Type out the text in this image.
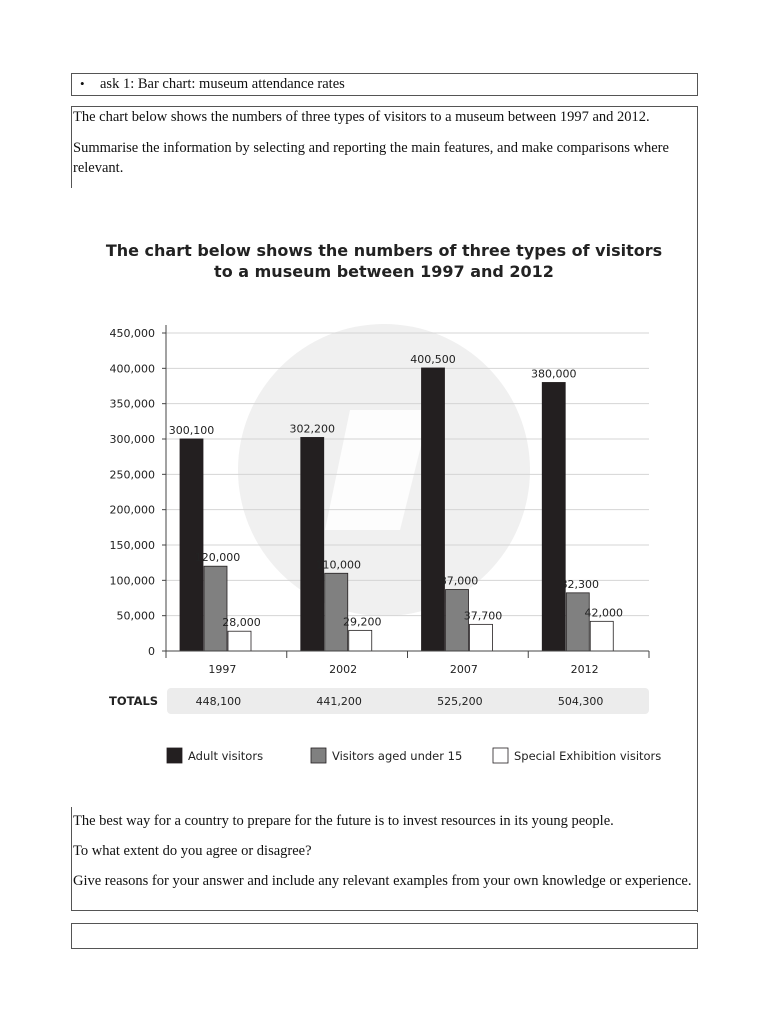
• ask 1: Bar chart: museum attendance rates

The chart below shows the numbers of three types of visitors to a museum between 1997 and 2012.

Summarise the information by selecting and reporting the main features, and make comparisons where relevant.

The chart below shows the numbers of three types of visitors
to a museum between 1997 and 2012
0
50,000
100,000
150,000
200,000
250,000
300,000
350,000
400,000
450,000
300,100
120,000
28,000
302,200
110,000
29,200
400,500
87,000
37,700
380,000
82,300
42,000
1997	2002	2007	2012
TOTALS	448,100	441,200	525,200	504,300
Adult visitors	Visitors aged under 15	Special Exhibition visitors

The best way for a country to prepare for the future is to invest resources in its young people.

To what extent do you agree or disagree?

Give reasons for your answer and include any relevant examples from your own knowledge or experience.
